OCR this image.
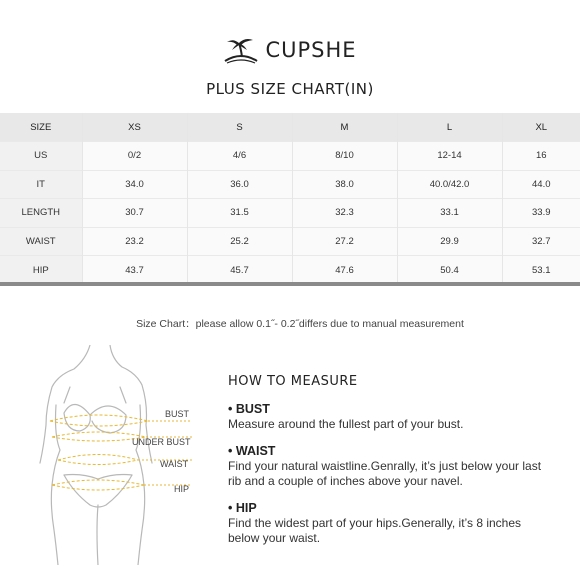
CUPSHE
PLUS SIZE CHART(IN)
SIZE	XS	S	M	L	XL
US	0/2	4/6	8/10	12-14	16
IT	34.0	36.0	38.0	40.0/42.0	44.0
LENGTH	30.7	31.5	32.3	33.1	33.9
WAIST	23.2	25.2	27.2	29.9	32.7
HIP	43.7	45.7	47.6	50.4	53.1
Size Chart：please allow 0.1˝- 0.2˝differs due to manual measurement
BUST
UNDER BUST
WAIST
HIP
HOW TO MEASURE
• BUST
Measure around the fullest part of your bust.
• WAIST
Find your natural waistline.Genrally, it’s just below your last
rib and a couple of inches above your navel.
• HIP
Find the widest part of your hips.Generally, it’s 8 inches
below your waist.
